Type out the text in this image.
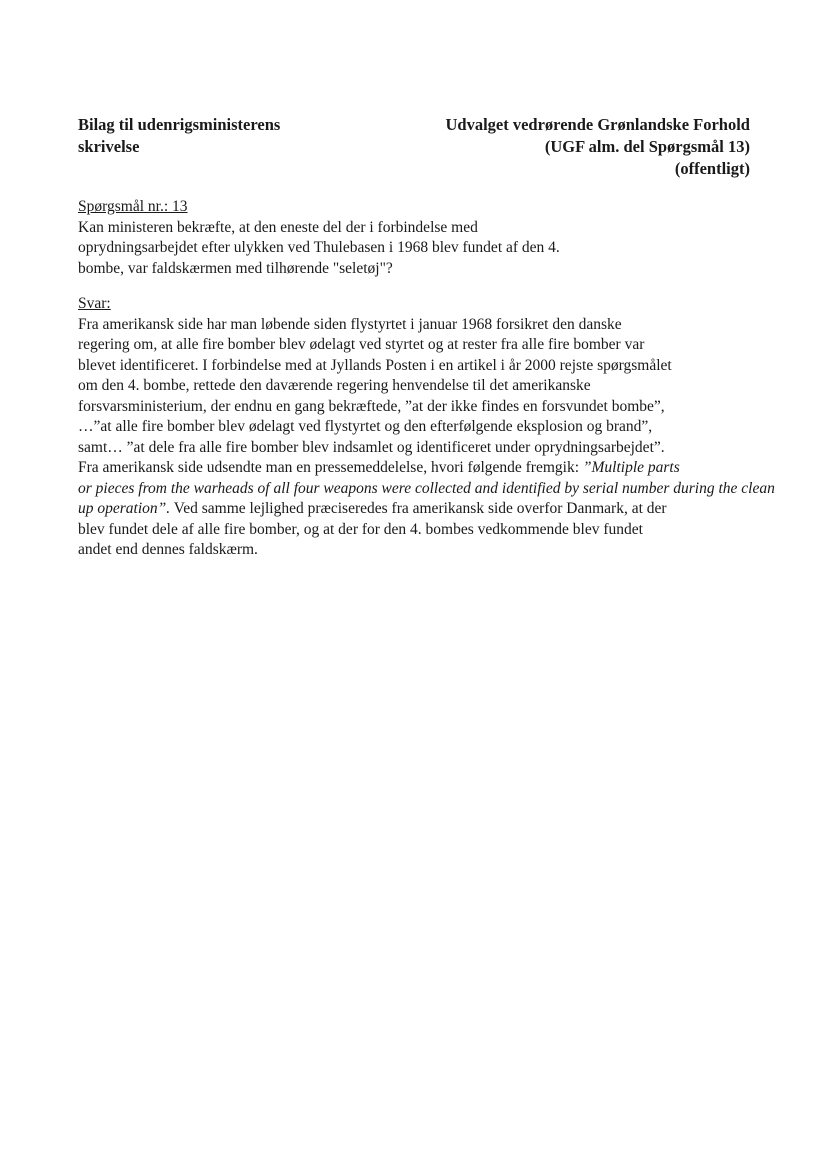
Bilag til udenrigsministerens
skrivelse
Udvalget vedrørende Grønlandske Forhold
(UGF alm. del Spørgsmål 13)
(offentligt)
Spørgsmål nr.: 13
Kan ministeren bekræfte, at den eneste del der i forbindelse med
oprydningsarbejdet efter ulykken ved Thulebasen i 1968 blev fundet af den 4.
bombe, var faldskærmen med tilhørende "seletøj"?
Svar:
Fra amerikansk side har man løbende siden flystyrtet i januar 1968 forsikret den danske
regering om, at alle fire bomber blev ødelagt ved styrtet og at rester fra alle fire bomber var
blevet identificeret. I forbindelse med at Jyllands Posten i en artikel i år 2000 rejste spørgsmålet
om den 4. bombe, rettede den daværende regering henvendelse til det amerikanske
forsvarsministerium, der endnu en gang bekræftede, ”at der ikke findes en forsvundet bombe”,
…”at alle fire bomber blev ødelagt ved flystyrtet og den efterfølgende eksplosion og brand”,
samt… ”at dele fra alle fire bomber blev indsamlet og identificeret under oprydningsarbejdet”.
Fra amerikansk side udsendte man en pressemeddelelse, hvori følgende fremgik: ”Multiple parts
or pieces from the warheads of all four weapons were collected and identified by serial number during the clean
up operation”. Ved samme lejlighed præciseredes fra amerikansk side overfor Danmark, at der
blev fundet dele af alle fire bomber, og at der for den 4. bombes vedkommende blev fundet
andet end dennes faldskærm.
